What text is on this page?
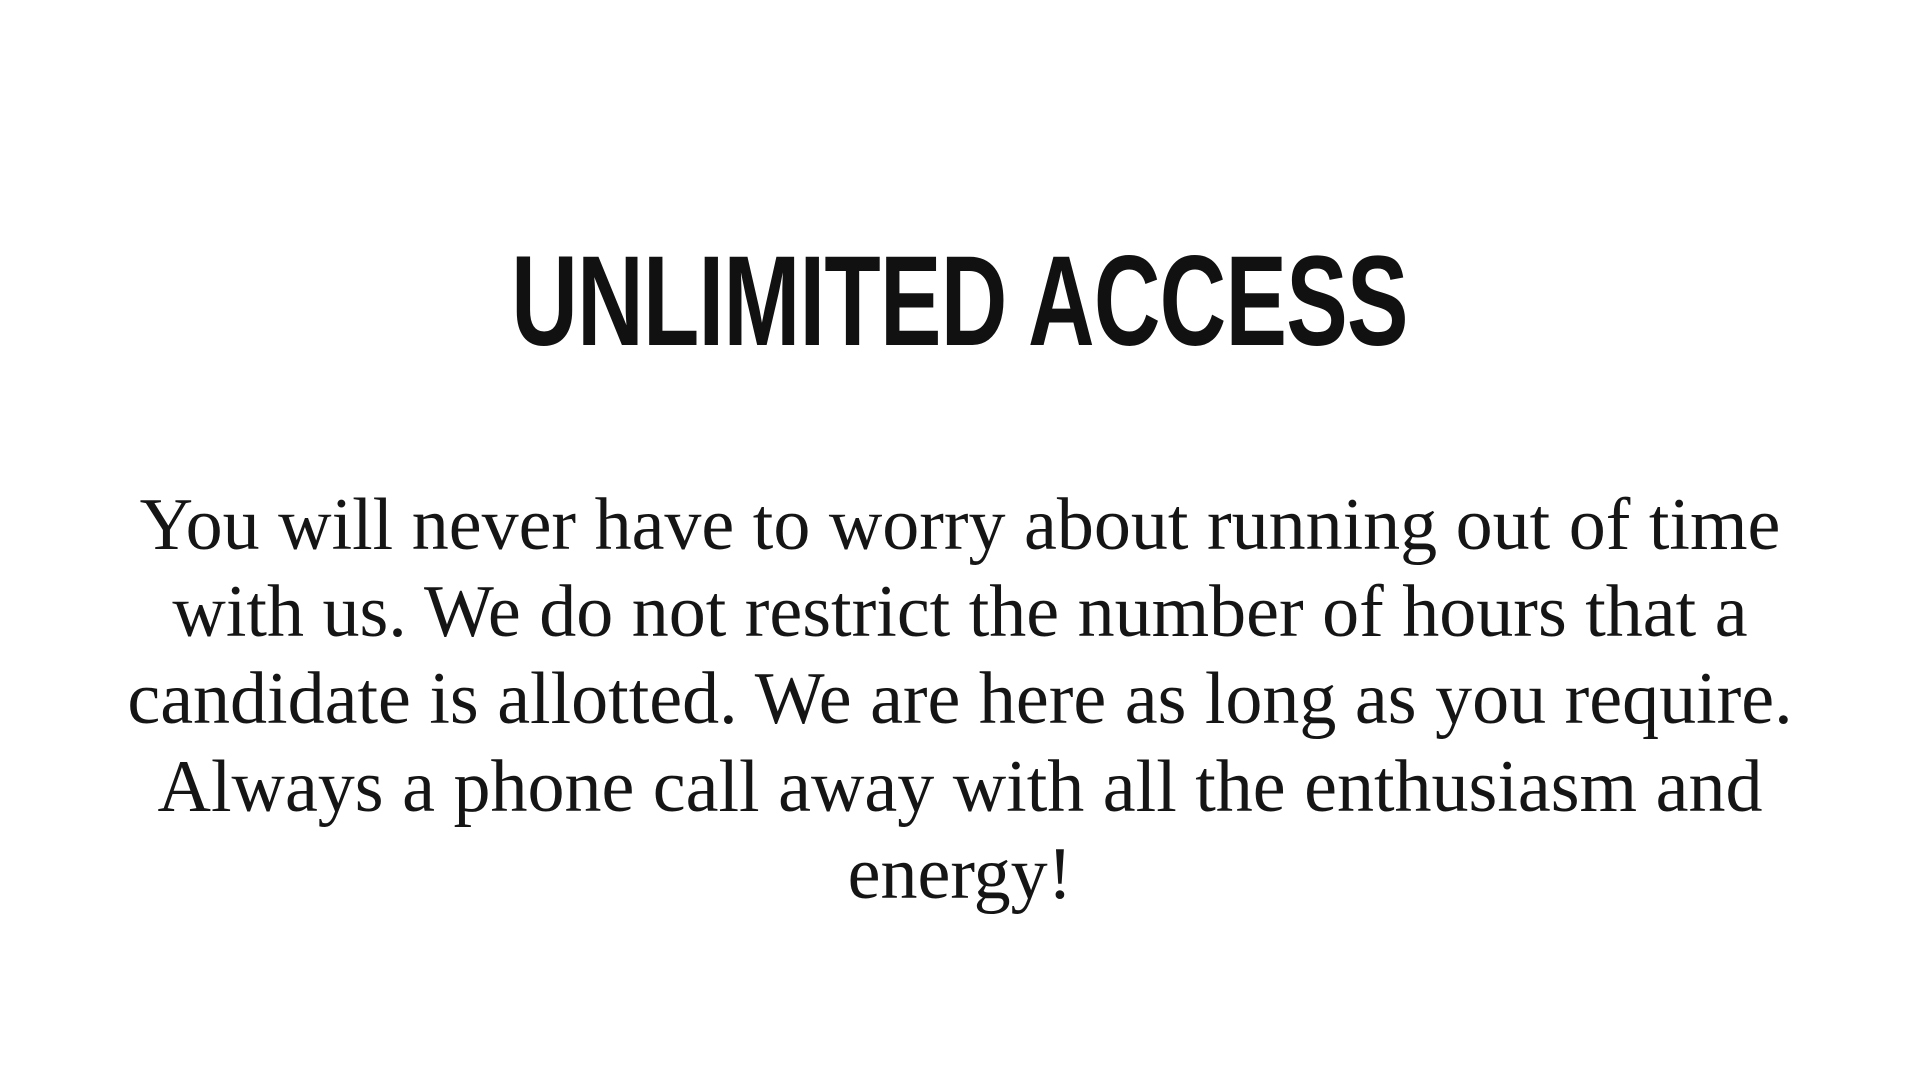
UNLIMITED ACCESS

You will never have to worry about running out of time with us. We do not restrict the number of hours that a candidate is allotted. We are here as long as you require. Always a phone call away with all the enthusiasm and energy!
